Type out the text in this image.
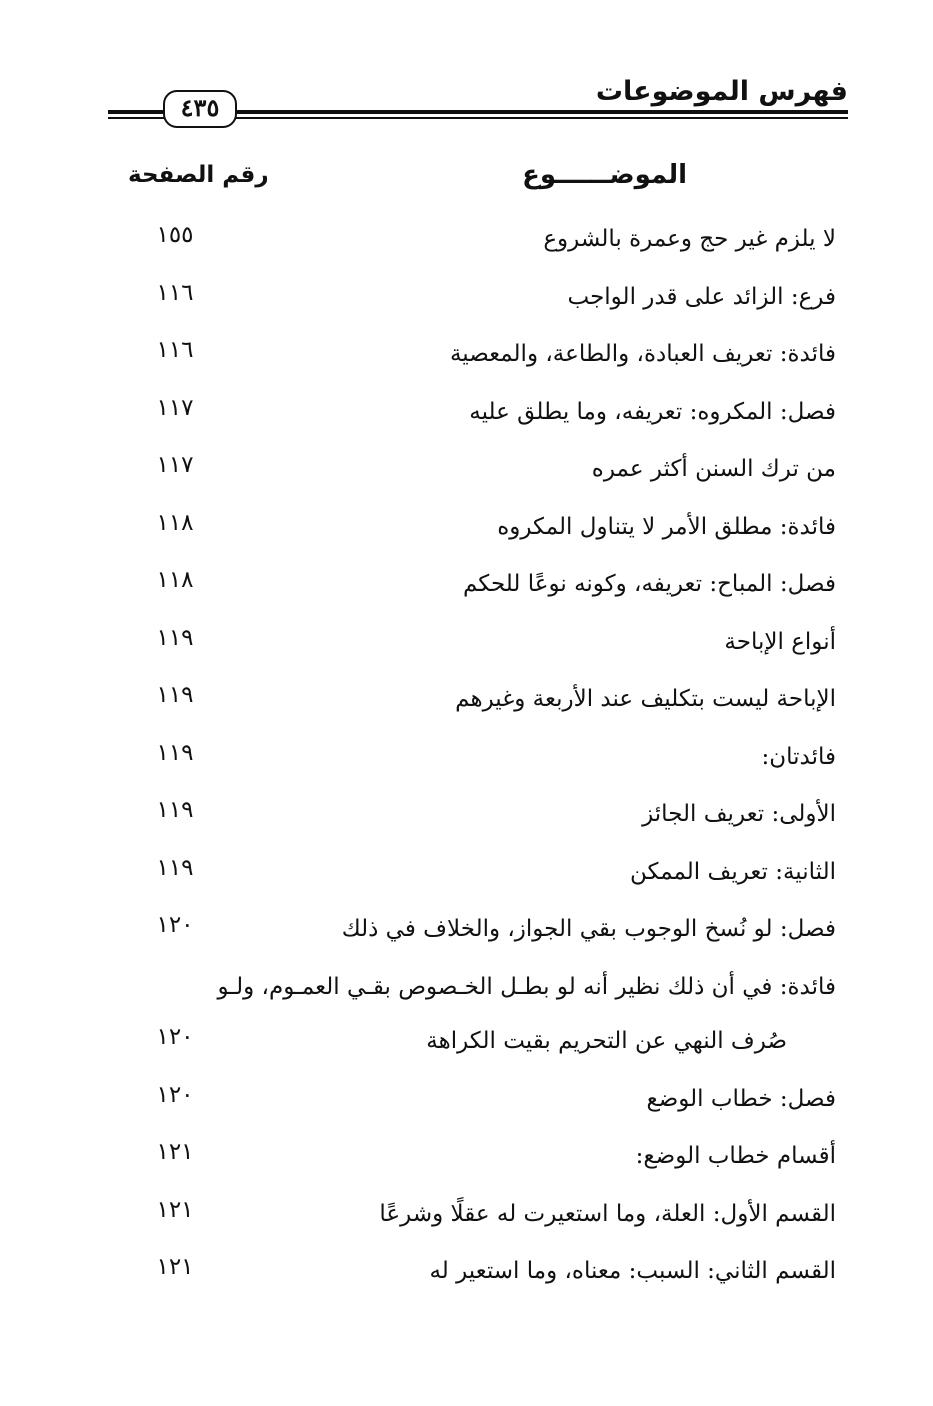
٤٣٥
فهرس الموضوعات
الموضــــــوع
رقم الصفحة
لا يلزم غير حج وعمرة بالشروع
١٥٥
فرع: الزائد على قدر الواجب
١١٦
فائدة: تعريف العبادة، والطاعة، والمعصية
١١٦
فصل: المكروه: تعريفه، وما يطلق عليه
١١٧
من ترك السنن أكثر عمره
١١٧
فائدة: مطلق الأمر لا يتناول المكروه
١١٨
فصل: المباح: تعريفه، وكونه نوعًا للحكم
١١٨
أنواع الإباحة
١١٩
الإباحة ليست بتكليف عند الأربعة وغيرهم
١١٩
فائدتان:
١١٩
الأولى: تعريف الجائز
١١٩
الثانية: تعريف الممكن
١١٩
فصل: لو نُسخ الوجوب بقي الجواز، والخلاف في ذلك
١٢٠
فائدة: في أن ذلك نظير أنه لو بطـل الخـصوص بقـي العمـوم، ولـو
صُرف النهي عن التحريم بقيت الكراهة
١٢٠
فصل: خطاب الوضع
١٢٠
أقسام خطاب الوضع:
١٢١
القسم الأول: العلة، وما استعيرت له عقلًا وشرعًا
١٢١
القسم الثاني: السبب: معناه، وما استعير له
١٢١
